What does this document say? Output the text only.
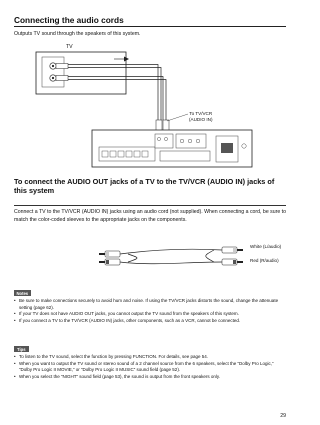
Connecting the audio cords

Outputs TV sound through the speakers of this system.

TV
To TV/VCR
(AUDIO IN)
To connect the AUDIO OUT jacks of a TV to the TV/VCR (AUDIO IN) jacks of this system

Connect a TV to the TV/VCR (AUDIO IN) jacks using an audio cord (not supplied). When connecting a cord, be sure to match the color-coded sleeves to the appropriate jacks on the components.

White (L/audio)
Red (R/audio)
Notes
• Be sure to make connections securely to avoid hum and noise. If using the TV/VCR jacks distorts the sound, change the attenuate setting (page 62).
• If your TV does not have AUDIO OUT jacks, you cannot output the TV sound from the speakers of this system.
• If you connect a TV to the TV/VCR (AUDIO IN) jacks, other components, such as a VCR, cannot be connected.
Tips
• To listen to the TV sound, select the function by pressing FUNCTION. For details, see page 54.
• When you want to output the TV sound or stereo sound of a 2 channel source from the 6 speakers, select the “Dolby Pro Logic,” “Dolby Pro Logic II MOVIE,” or “Dolby Pro Logic II MUSIC” sound field (page 52).
• When you select the “NIGHT” sound field (page 53), the sound is output from the front speakers only.
29
